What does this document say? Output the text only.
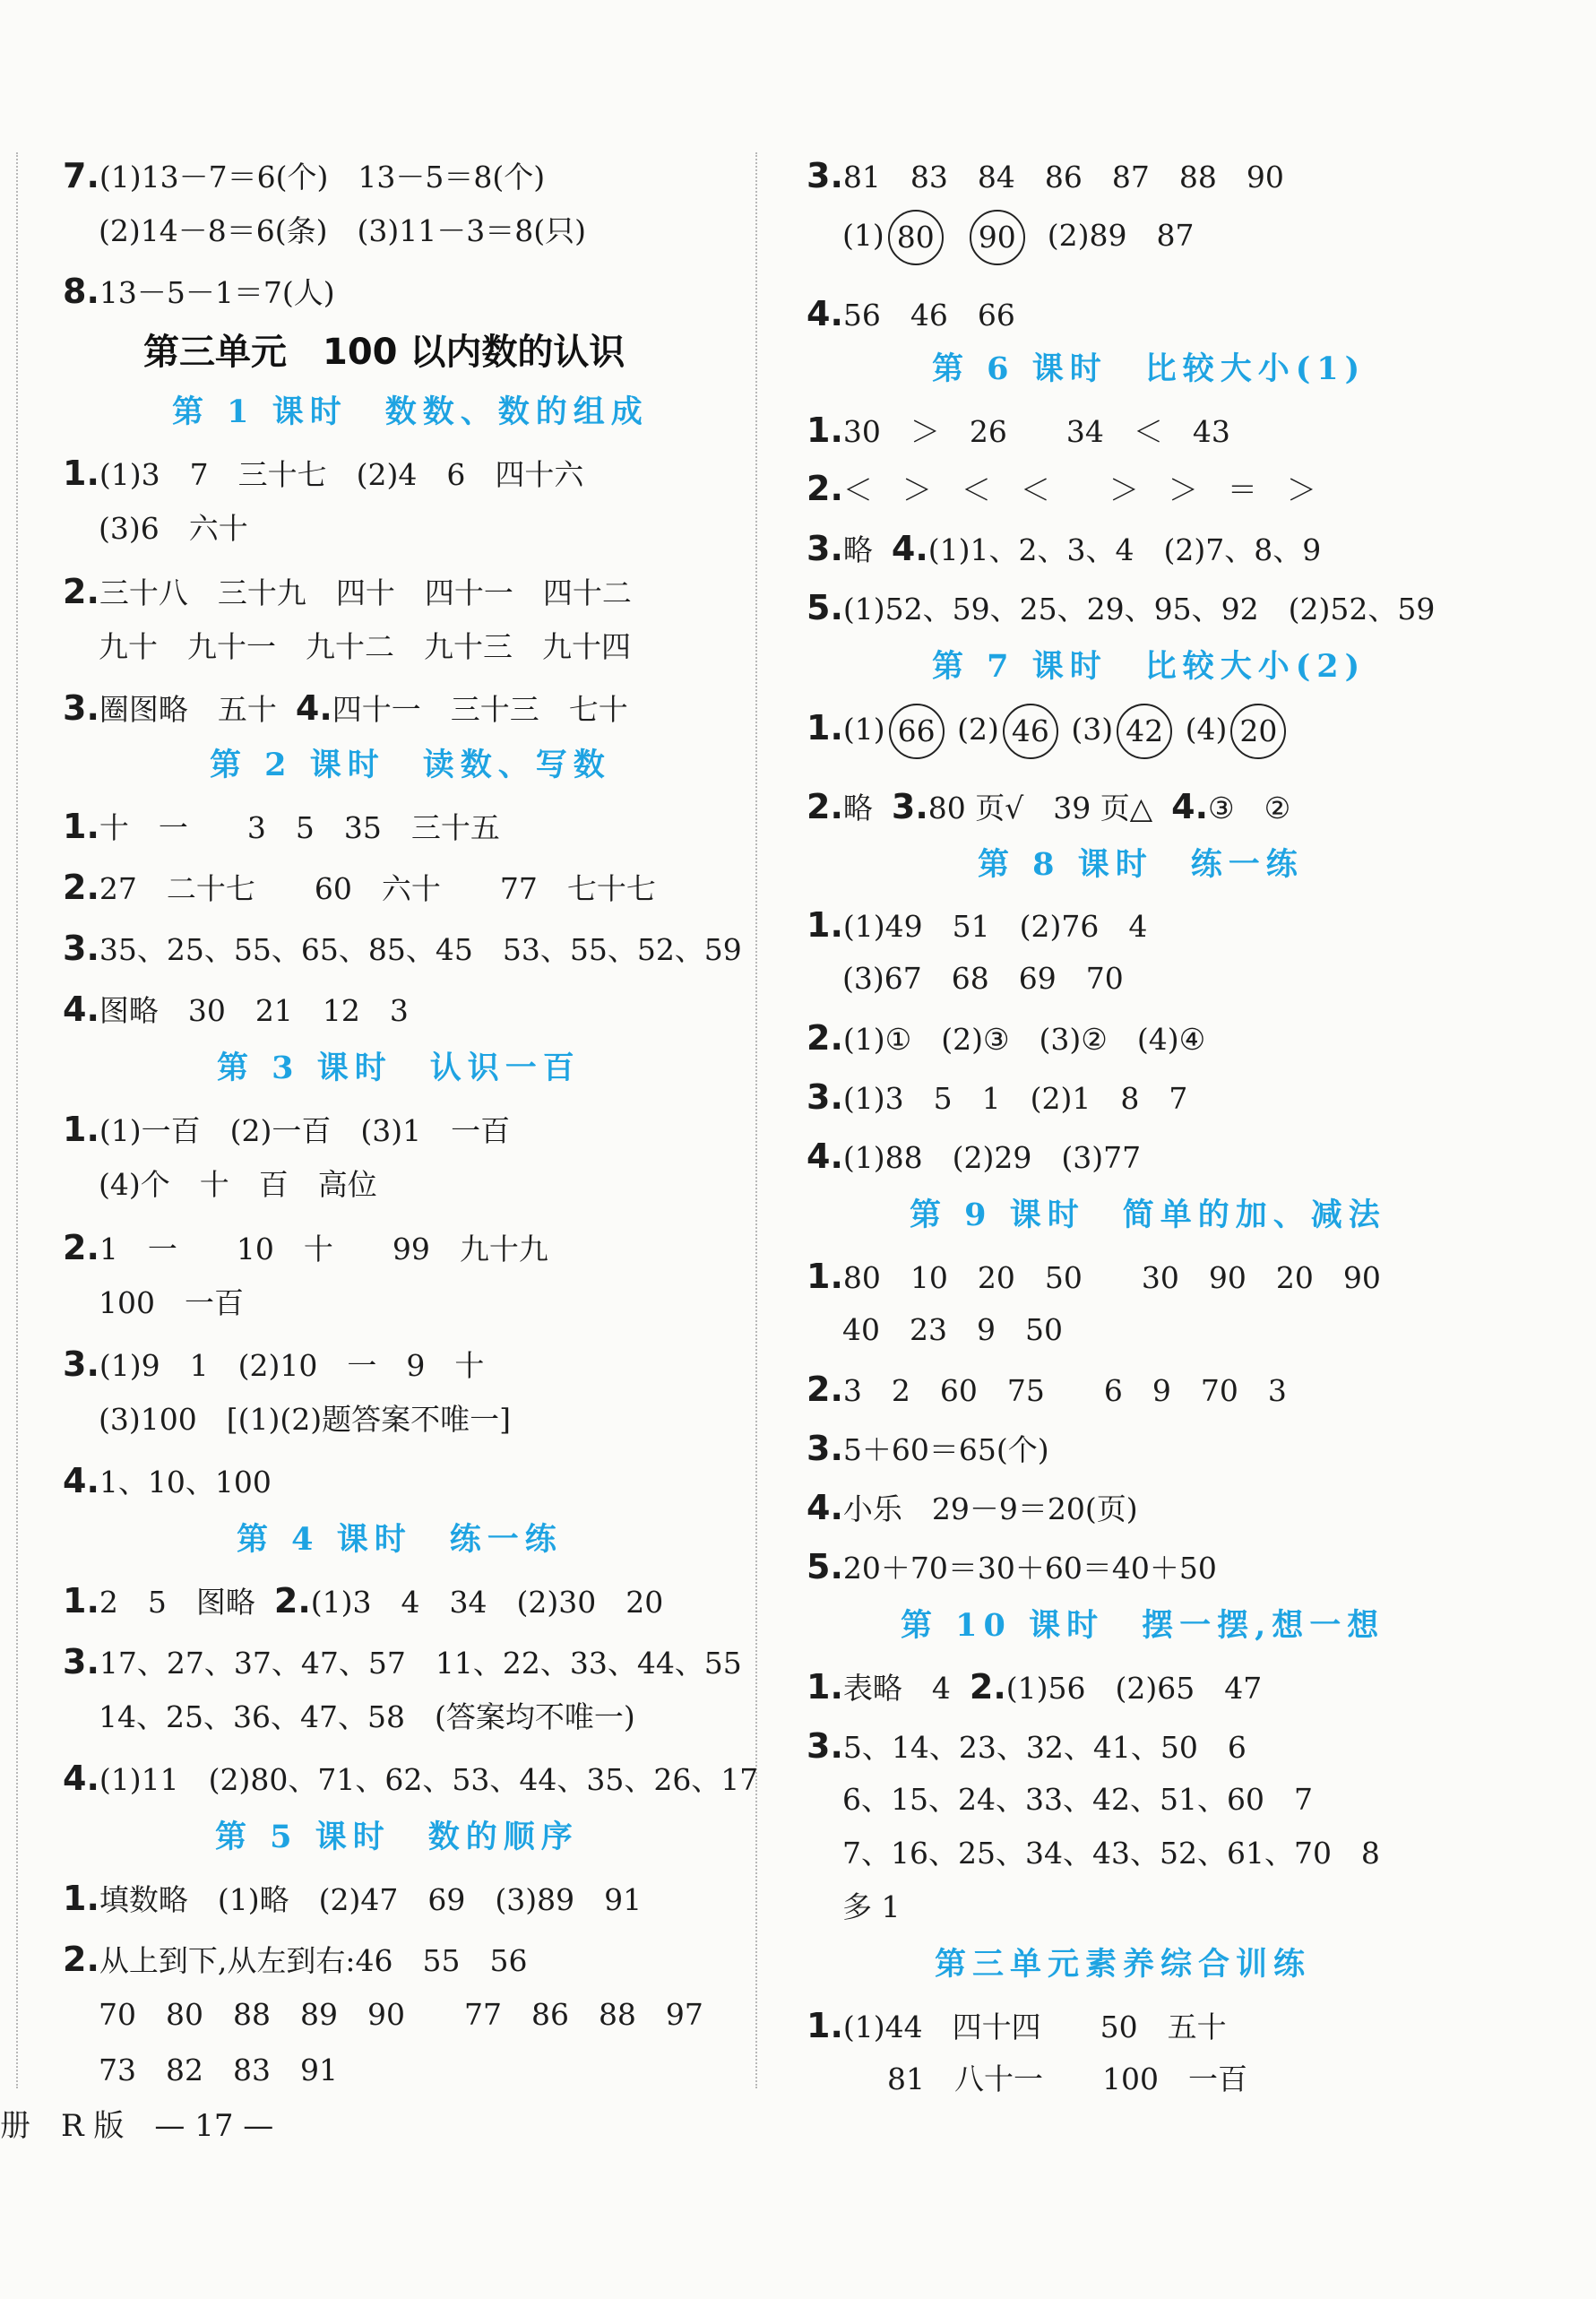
7.(1)13－7＝6(个)　13－5＝8(个)
(2)14－8＝6(条)　(3)11－3＝8(只)
8.13－5－1＝7(人)
第三单元　100 以内数的认识
第 1 课时　数数、数的组成
1.(1)3　7　三十七　(2)4　6　四十六
(3)6　六十
2.三十八　三十九　四十　四十一　四十二
九十　九十一　九十二　九十三　九十四
3.圈图略　五十 4.四十一　三十三　七十
第 2 课时　读数、写数
1.十　一　　3　5　35　三十五
2.27　二十七　　60　六十　　77　七十七
3.35、25、55、65、85、45　53、55、52、59
4.图略　30　21　12　3
第 3 课时　认识一百
1.(1)一百　(2)一百　(3)1　一百
(4)个　十　百　高位
2.1　一　　10　十　　99　九十九
100　一百
3.(1)9　1　(2)10　一　9　十
(3)100　[(1)(2)题答案不唯一]
4.1、10、100
第 4 课时　练一练
1.2　5　图略 2.(1)3　4　34　(2)30　20
3.17、27、37、47、57　11、22、33、44、55
14、25、36、47、58　(答案均不唯一)
4.(1)11　(2)80、71、62、53、44、35、26、17
第 5 课时　数的顺序
1.填数略　(1)略　(2)47　69　(3)89　91
2.从上到下,从左到右:46　55　56
70　80　88　89　90　　77　86　88　97
73　82　83　91
3.81　83　84　86　87　88　90
(1) 80 90 (2)89　87
4.56　46　66
第 6 课时　比较大小(1)
1.30　＞　26　　34　＜　43
2.＜　＞　＜　＜　　＞　＞　＝　＞
3.略 4.(1)1、2、3、4　(2)7、8、9
5.(1)52、59、25、29、95、92　(2)52、59
第 7 课时　比较大小(2)
1.(1) 66 (2) 46 (3) 42 (4) 20
2.略 3.80 页√　39 页△ 4.③　②
第 8 课时　练一练
1.(1)49　51　(2)76　4
(3)67　68　69　70
2.(1)①　(2)③　(3)②　(4)④
3.(1)3　5　1　(2)1　8　7
4.(1)88　(2)29　(3)77
第 9 课时　简单的加、减法
1.80　10　20　50　　30　90　20　90
40　23　9　50
2.3　2　60　75　　6　9　70　3
3.5＋60＝65(个)
4.小乐　29－9＝20(页)
5.20＋70＝30＋60＝40＋50
第 10 课时　摆一摆,想一想
1.表略　4 2.(1)56　(2)65　47
3.5、14、23、32、41、50　6
6、15、24、33、42、51、60　7
7、16、25、34、43、52、61、70　8
多 1
第三单元素养综合训练
1.(1)44　四十四　　50　五十
81　八十一　　100　一百
册　R 版　— 17 —
